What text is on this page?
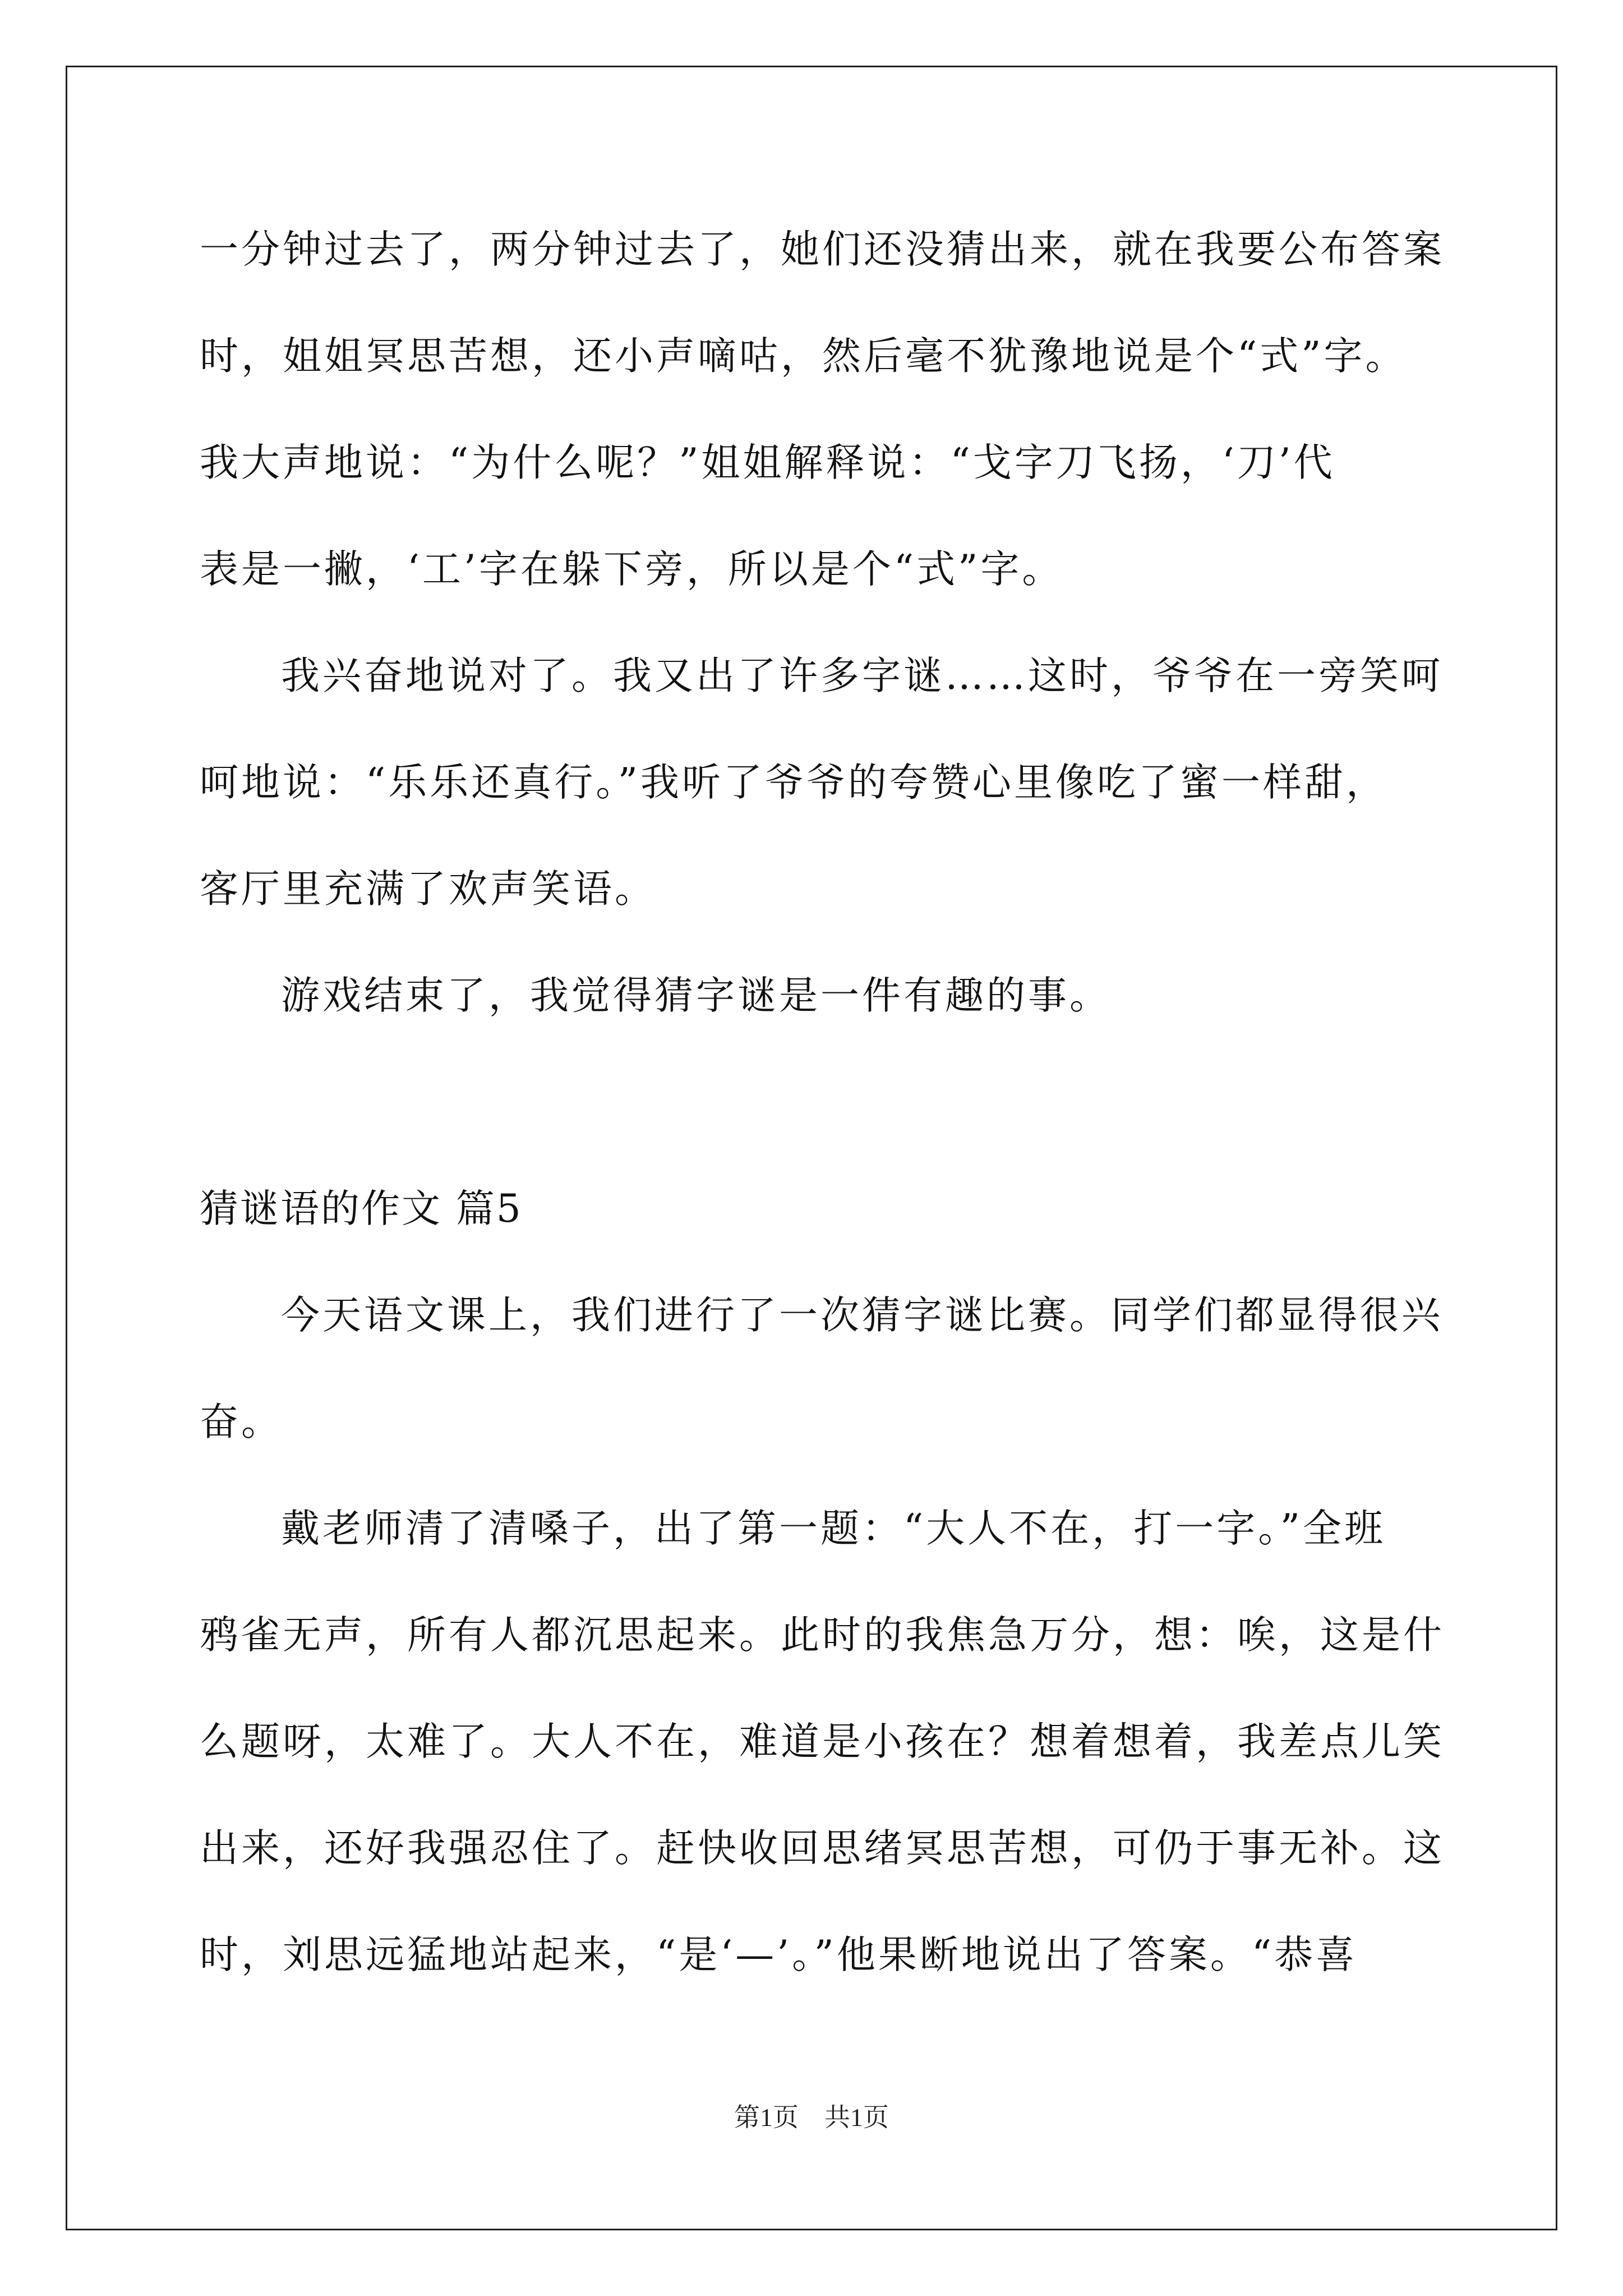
一分钟过去了，两分钟过去了，她们还没猜出来，就在我要公布答案
时，姐姐冥思苦想，还小声嘀咕，然后毫不犹豫地说是个“式”字。
我大声地说：“为什么呢？”姐姐解释说：“戈字刀飞扬，‘刀’代
表是一撇，‘工’字在躲下旁，所以是个“式”字。
我兴奋地说对了。我又出了许多字谜……这时，爷爷在一旁笑呵
呵地说：“乐乐还真行。”我听了爷爷的夸赞心里像吃了蜜一样甜，
客厅里充满了欢声笑语。
游戏结束了，我觉得猜字谜是一件有趣的事。
猜谜语的作文 篇5
今天语文课上，我们进行了一次猜字谜比赛。同学们都显得很兴
奋。
戴老师清了清嗓子，出了第一题：“大人不在，打一字。”全班
鸦雀无声，所有人都沉思起来。此时的我焦急万分，想：唉，这是什
么题呀，太难了。大人不在，难道是小孩在？想着想着，我差点儿笑
出来，还好我强忍住了。赶快收回思绪冥思苦想，可仍于事无补。这
时，刘思远猛地站起来，“是‘—’。”他果断地说出了答案。“恭喜
第1页　共1页
